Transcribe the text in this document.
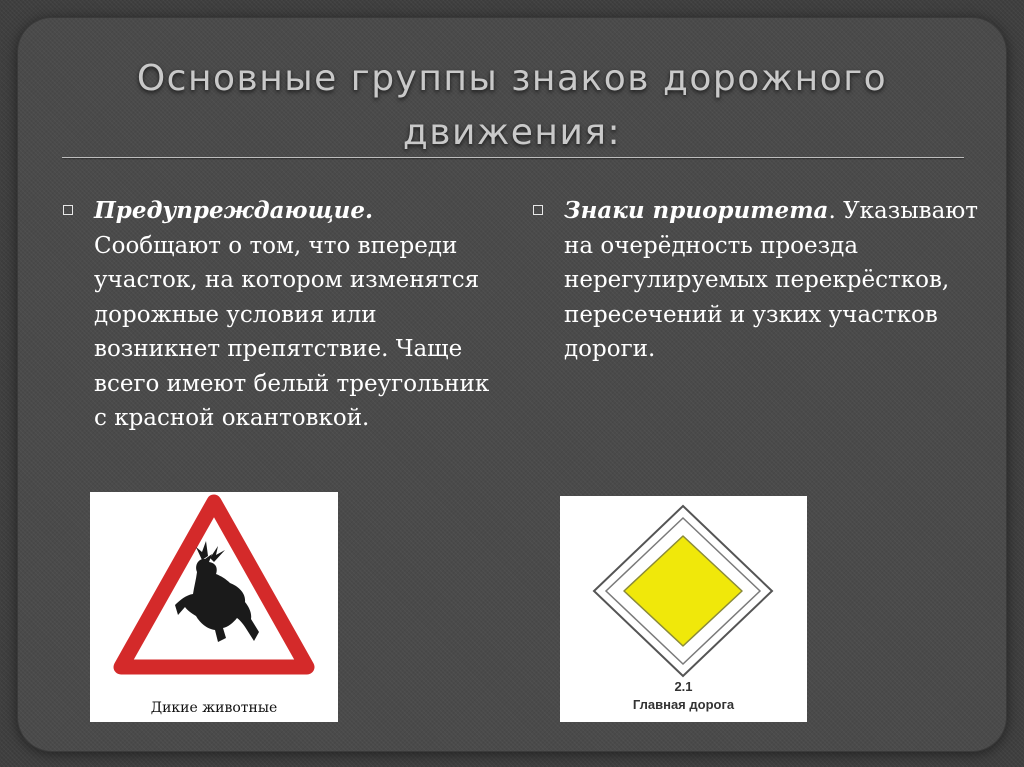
Основные группы знаков дорожного движения:
Предупреждающие. Сообщают о том, что впереди участок, на котором изменятся дорожные условия или возникнет препятствие. Чаще всего имеют белый треугольник с красной окантовкой.
Знаки приоритета. Указывают на очерёдность проезда нерегулируемых перекрёстков, пересечений и узких участков дороги.
Дикие животные
2.1
Главная дорога
